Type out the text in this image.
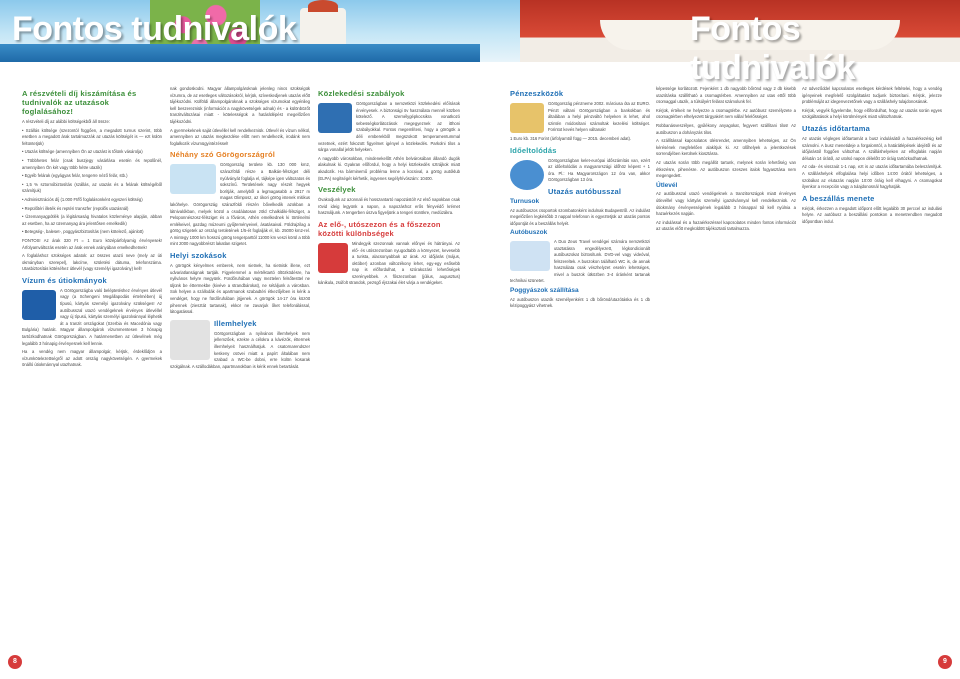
Fontos tudnivalók
A részvételi díj kiszámítása és tudnivalók az utazások foglalásához!

A részvételi díj az alábbi költségekből áll össze:

• Szállás költsége (szezontól függően, a megadott turnus szerint, több esetben a megadott árak tartalmazzák az utazás költségét is — ezt külön feltüntetjük)

• Utazás költsége (amennyiben Ön az utazást is tőlünk vásárolja)

• Többhetes felár (csak buszjegy vásárlása esetén és repülőnél, amennyiben Ön két vagy több hétre utazik)

• Egyéb felárak (egyágyas felár, tengerre néző felár, stb.)

• 1,5 % sztornóbiztosítás (szállás, az utazás és a felárak költségéből számítjuk)

• Adminisztrációs díj (1.000 Ft/fő foglalásonként egyszeri költség)

• Repülőtéri illeték és reptéri transzfer (repülős utazásnál)

• Üzemanyagpótlék (a légitársaság hivatalos közleménye alapján, abban az esetben, ha az üzemanyag ára jelentősen emelkedik)

• Betegség-, baleset-, poggyászbiztosítás (nem kötelező, ajánlott)

FONTOS! Az árak 320 Ft = 1 Euro középárfolyamig érvényesek! Árfolyamváltozás esetén az árak ennek arányában emelkedhetnek!

A foglaláshoz szükséges adatok: az összes utazó neve (mely az úti okmányban szerepel), lakcíme, születési dátuma, telefonszáma. Utasbiztosítás kötéséhez útlevél (vagy személyi igazolvány) kell!

Vízum és útiokmányok

A Görögországba való beléptetéshez érvényes útlevél vagy (a Schengeni Megállapodás értelmében) új típusú, kártyás személyi igazolvány szükséges! Az autóbusszal utazó vendégeknek érvényes útlevéllel vagy új típusú, kártyás személyi igazolvánnyal léphetik át a tranzit országokat (Szerbia és Macedónia vagy Bulgária) határát. Magyar állampolgárok vízummentesen 3 hónapig tartózkodhatnak Görögországban. A határmenetben az útlevélnek még legalább 3 hónapig érvényesnek kell lennie.

Ha a vendég nem magyar állampolgár, kérjük, érdeklődjön a vízumkötelezettségről az adott ország nagykövetségén. A gyermekek önálló útiokmánnyal utazhatnak.

nak gondoskodni. Magyar állampolgároknak jelenleg nincs szükségük vízumra, de az esetleges változásokról, kérjük, szíveskedjenek utazás előtt tájékozódni. Külföldi állampolgároknak a szükséges vízumokat egyénileg kell beszerezniük (információt a nagykövetségek adnak) és - a különbözőt tranzitváltozásai miatt - kötelességük a határátlépést megelőzően tájékozódni.

A gyermekeknek saját útlevéllel kell rendelkezniük. Útlevél és vízum nélkül, amennyiben az utazás megkezdése előtt nem rendelkezik, irodánk nem foglalkozik vízumügyintézéssel!

Néhány szó Görögországról

Görögország területe kb. 130 000 km2, szárazföldi része a Balkán-félsziget déli nyúlványát foglalja el, tájképe igen változatos és sokszínű. Területének nagy részét hegyek borítják, amelyből a legmagasabb a 2917 m magas Olimposz, az ókori görög istenek mitikus lakóhelye. Görögország szárazföldi részén bővelkedik azokban a látnivalókban, melyek közül a csodálatosan zöld Chalkidiki-félsziget, a Peloponnészosz-félsziget és a főváros, Athén emelkednek ki történelmi emlékeivel, gazdag múzeumi gyűjteményeivel, ásatásaival. Földrajzilag a görög szigetek az ország területének 1/5-ét foglalják el, kb. 25000 km2-rel. A mintegy 1000 km hosszú görög tengerparttól 11000 km veszi körül a több mint 2000 nagyobbrészt lakatlan szigetet.

Helyi szokások

A görögök kényelmes emberek, nem sietnek, ha sietniük illene, ezt udvariatlanságnak tartják. Figyelemmel a mértéktartó öltözködésre, ha nyilvános helyre megyünk. Fürdőruhában vagy meztelen felsőtesttel ne üljünk be éttermekbe (kivéve a strandbárokat), ne sétáljunk a városban. Sok helyen a szállodák és apartmanok szabadtéri étkezőjében is kérik a vendéget, hogy ne fürdőruhában jöjjenek. A görögök 14-17 óra között pihennek (ziesztát tartanak), ekkor ne zavarjuk őket telefonálással, látogatással.

Illemhelyek

Görögországban a nyilvános illemhelyek nem jellemzőek, ezekre a célokra a kávézók, éttermek illemhelyeit használhatjuk. A csatornarendszer keskeny csövei miatt a papírt általában nem szabad a WC-be dobni, erre külön kosarak szolgálnak. A szállodákban, apartmanokban is kérik ennek betartását.

Közlekedési szabályok

Görögországban a nemzetközi közlekedési előírások érvényesek. A biztonsági öv használata mennél közben kötelező. A személygépkocsikra vonatkozó sebességkorlátozások megegyeznek az itthoni szabályokkal. Fontos megemlíteni, hogy a görögök a déli emberekből megszokott temperamentummal vezetnek, ezért fokozott figyelmet igényel a közlekedés. Parkolni tilos a sárga vonallal jelölt helyeken.

A nagyobb városokban, mindenekelőtt Athén belvárosában állandó dugók alakulnak ki. Gyakran előfordul, hogy a helyi közlekedés sztrájkok miatt akadozik. Ha bárminemű probléma lenne a kocsival, a görög autóklub (ELPA) segítségét kérhetik, ingyenes segélyhívószám: 10400.

Veszélyek

Óvakodjunk az azonnali és hosszantartó napozástól! Az első napokban csak rövid ideig legyünk a napon, a napozáshoz erős fényvédő krémet használjunk. A tengerben úszva figyeljünk a tengeri sünökre, medúzákra.

Az elő-, utószezon és a főszezon közötti különbségek

Mindegyik szezonnak vannak előnyei és hátrányai. Az elő- és utószezonban nyugodtabb a környezet, kevesebb a turista, alacsonyabbak az árak. Az időjárás (május, október) azonban változékony lehet, egy-egy esősebb nap is előfordulhat, a szórakozási lehetőségek szerényebbek. A főszezonban (július, augusztus) kánikula, zsúfolt strandok, pezsgő éjszakai élet várja a vendégeket.

8
Fontos tudnivalók
Pénzeszközök

Görögország pénzneme 2002. márciusa óta az EURO. Pénzt váltani Görögországban a bankokban és általában a helyi pénzváltó helyeken is lehet, ahol szintén módosítani számoltak kezelési költséget. Forintot kevés helyen váltanak!

1 Euro kb. 316 Forint (árfolyamtól függ — 2015. decemberi adat).

Időeltolódás

Görögországban kelet-európai időszámítás van, ezért az időeltolódás a magyarországi időhöz képest + 1 óra. Pl.: Ha Magyarországon 12 óra van, akkor Görögországban 13 óra.

Utazás autóbusszal
Turnusok

Az autóbuszos csoportok szombatonként indulnak Budapestről. Az indulást megelőzően legkésőbb 3 nappal telefonon is egyeztetjük az utazás pontos időpontját és a beszállás helyét.

Autóbuszok

A Duo Zeus Travel vendégei számára nemzetközi utaztatásra engedélyezett, légkondicionált autóbuszokat biztosítunk. DVD-vel vagy videóval, felszereltek. A buszokon található WC is, de annak használata csak vészhelyzet esetén lehetséges, mivel a buszok útközben 3-4 óránként tartanak technikai szünetet.

Poggyászok szállítása

Az autóbuszon utazók személyenként 1 db bőrönd/utazótáska és 1 db kézipoggyász vihetnek.

képessége korlátozott. Fejenként 1 db nagyobb bőrönd vagy 2 db kisebb utazótáska szállítható a csomagtérben. Amennyiben az utas ettől több csomaggal utazik, a túlsúlyért felárat számolunk fel.

Kérjük, értékeit ne helyezze a csomagtérbe. Az autóbusz személyzete a csomagtérben elhelyezett tárgyakért nem vállal felelősséget.

Robbanásveszélyes, gyúlékony anyagokat, fegyvert szállítani tilos! Az autóbuszon a dohányzás tilos.

A szállítással kapcsolatos ülésrendet, amennyiben lehetséges, az Ön kérésének megfelelően alakítjuk ki. Az ülőhelyek a jelentkezések sorrendjében kerülnek kiosztásra.

Az utazás során több megállót tartunk, melynek során lehetőség van étkezésre, pihenésre. Az autóbuszon szeszes italok fogyasztása nem megengedett.

Útlevél

Az autóbusszal utazó vendégeknek a tranzitországok miatt érvényes útlevéllel vagy kártyás személyi igazolvánnyal kell rendelkezniük. Az útiokmány érvényességének legalább 3 hónappal túl kell nyúlnia a hazaérkezés napján.

Az indulással és a hazaérkezéssel kapcsolatos minden fontos információt az utazás előtt megküldött tájékoztató tartalmazza.

Az üdveződdel kapcsolatos esetleges kérdések feltételei, hogy a vendég igényeinek megfelelő szolgáltatást tudjunk biztosítani. Kérjük, jelezze problémáját az idegenvezetőnek vagy a szálláshely tulajdonosának.

Kérjük, vegyék figyelembe, hogy előfordulhat, hogy az utazás során egyes szolgáltatások a helyi körülmények miatt változhatnak.

Utazás időtartama

Az utazás végleges időtartamát a busz indulásától a hazaérkezésig kell számolni. A busz menetideje a forgalomtól, a határátlépések idejétől és az időjárástól függően változhat. A szálláshelyeken az elfoglalás napján délután 14 órától, az utolsó napon délelőtt 10 óráig tartózkodhatnak.

Az oda- és visszaút 1-1 nap, ezt is az utazás időtartamába beleszámítjuk. A szálláshelyek elfoglalása helyi időben 14:00 órától lehetséges, a szobákat az elutazás napján 10:00 óráig kell elhagyni. A csomagokat ilyenkor a recepción vagy a tulajdonosnál hagyhatják.

A beszállás menete

Kérjük, érkezzen a megadott időpont előtt legalább 30 perccel az indulási helyre. Az autóbusz a beszállási pontokon a menetrendben megadott időpontban indul.

9
